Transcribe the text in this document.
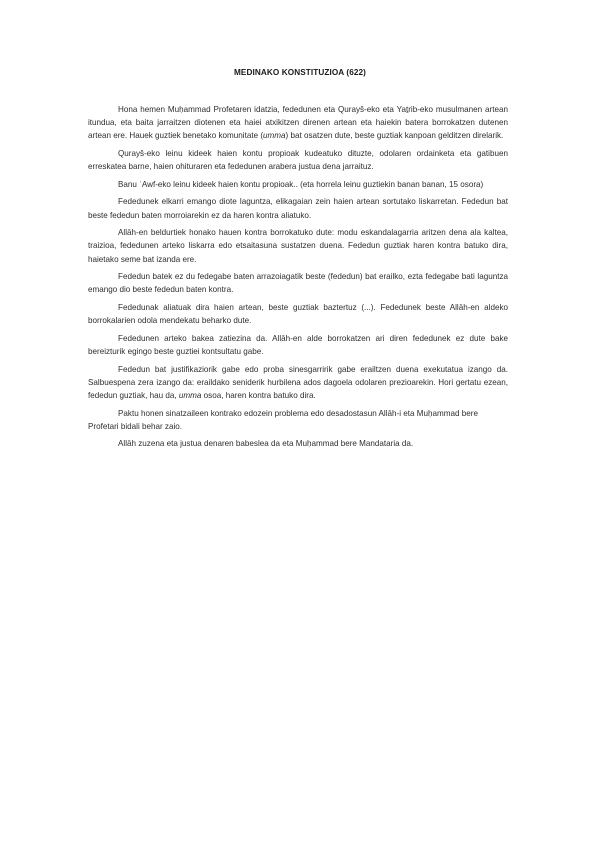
MEDINAKO KONSTITUZIOA (622)

Hona hemen Muḥammad Profetaren idatzia, fededunen eta Qurayš-eko eta Yaṯrib-eko musulmanen artean itundua, eta baita jarraitzen diotenen eta haiei atxikitzen direnen artean eta haiekin batera borrokatzen dutenen artean ere. Hauek guztiek benetako komunitate (umma) bat osatzen dute, beste guztiak kanpoan gelditzen direlarik.

Qurayš-eko leinu kideek haien kontu propioak kudeatuko dituzte, odolaren ordainketa eta gatibuen erreskatea barne, haien ohituraren eta fededunen arabera justua dena jarraituz.

Banu ʿAwf-eko leinu kideek haien kontu propioak.. (eta horrela leinu guztiekin banan banan, 15 osora)

Fededunek elkarri emango diote laguntza, elikagaian zein haien artean sortutako liskarretan. Fededun bat beste fededun baten morroiarekin ez da haren kontra aliatuko.

Allāh-en beldurtiek honako hauen kontra borrokatuko dute: modu eskandalagarria aritzen dena ala kaltea, traizioa, fededunen arteko liskarra edo etsaitasuna sustatzen duena. Fededun guztiak haren kontra batuko dira, haietako seme bat izanda ere.

Fededun batek ez du fedegabe baten arrazoiagatik beste (fededun) bat erailko, ezta fedegabe bati laguntza emango dio beste fededun baten kontra.

Fededunak aliatuak dira haien artean, beste guztiak baztertuz (...). Fededunek beste Allāh-en aldeko borrokalarien odola mendekatu beharko dute.

Fededunen arteko bakea zatiezina da. Allāh-en alde borrokatzen ari diren fededunek ez dute bake bereizturik egingo beste guztiei kontsultatu gabe.

Fededun bat justifikaziorik gabe edo proba sinesgarririk gabe erailtzen duena exekutatua izango da. Salbuespena zera izango da: eraildako seniderik hurbilena ados dagoela odolaren prezioarekin. Hori gertatu ezean, fededun guztiak, hau da, umma osoa, haren kontra batuko dira.

Paktu honen sinatzaileen kontrako edozein problema edo desadostasun Allāh-i eta Muḥammad bere Profetari bidali behar zaio.

Allāh zuzena eta justua denaren babeslea da eta Muḥammad bere Mandataria da.
